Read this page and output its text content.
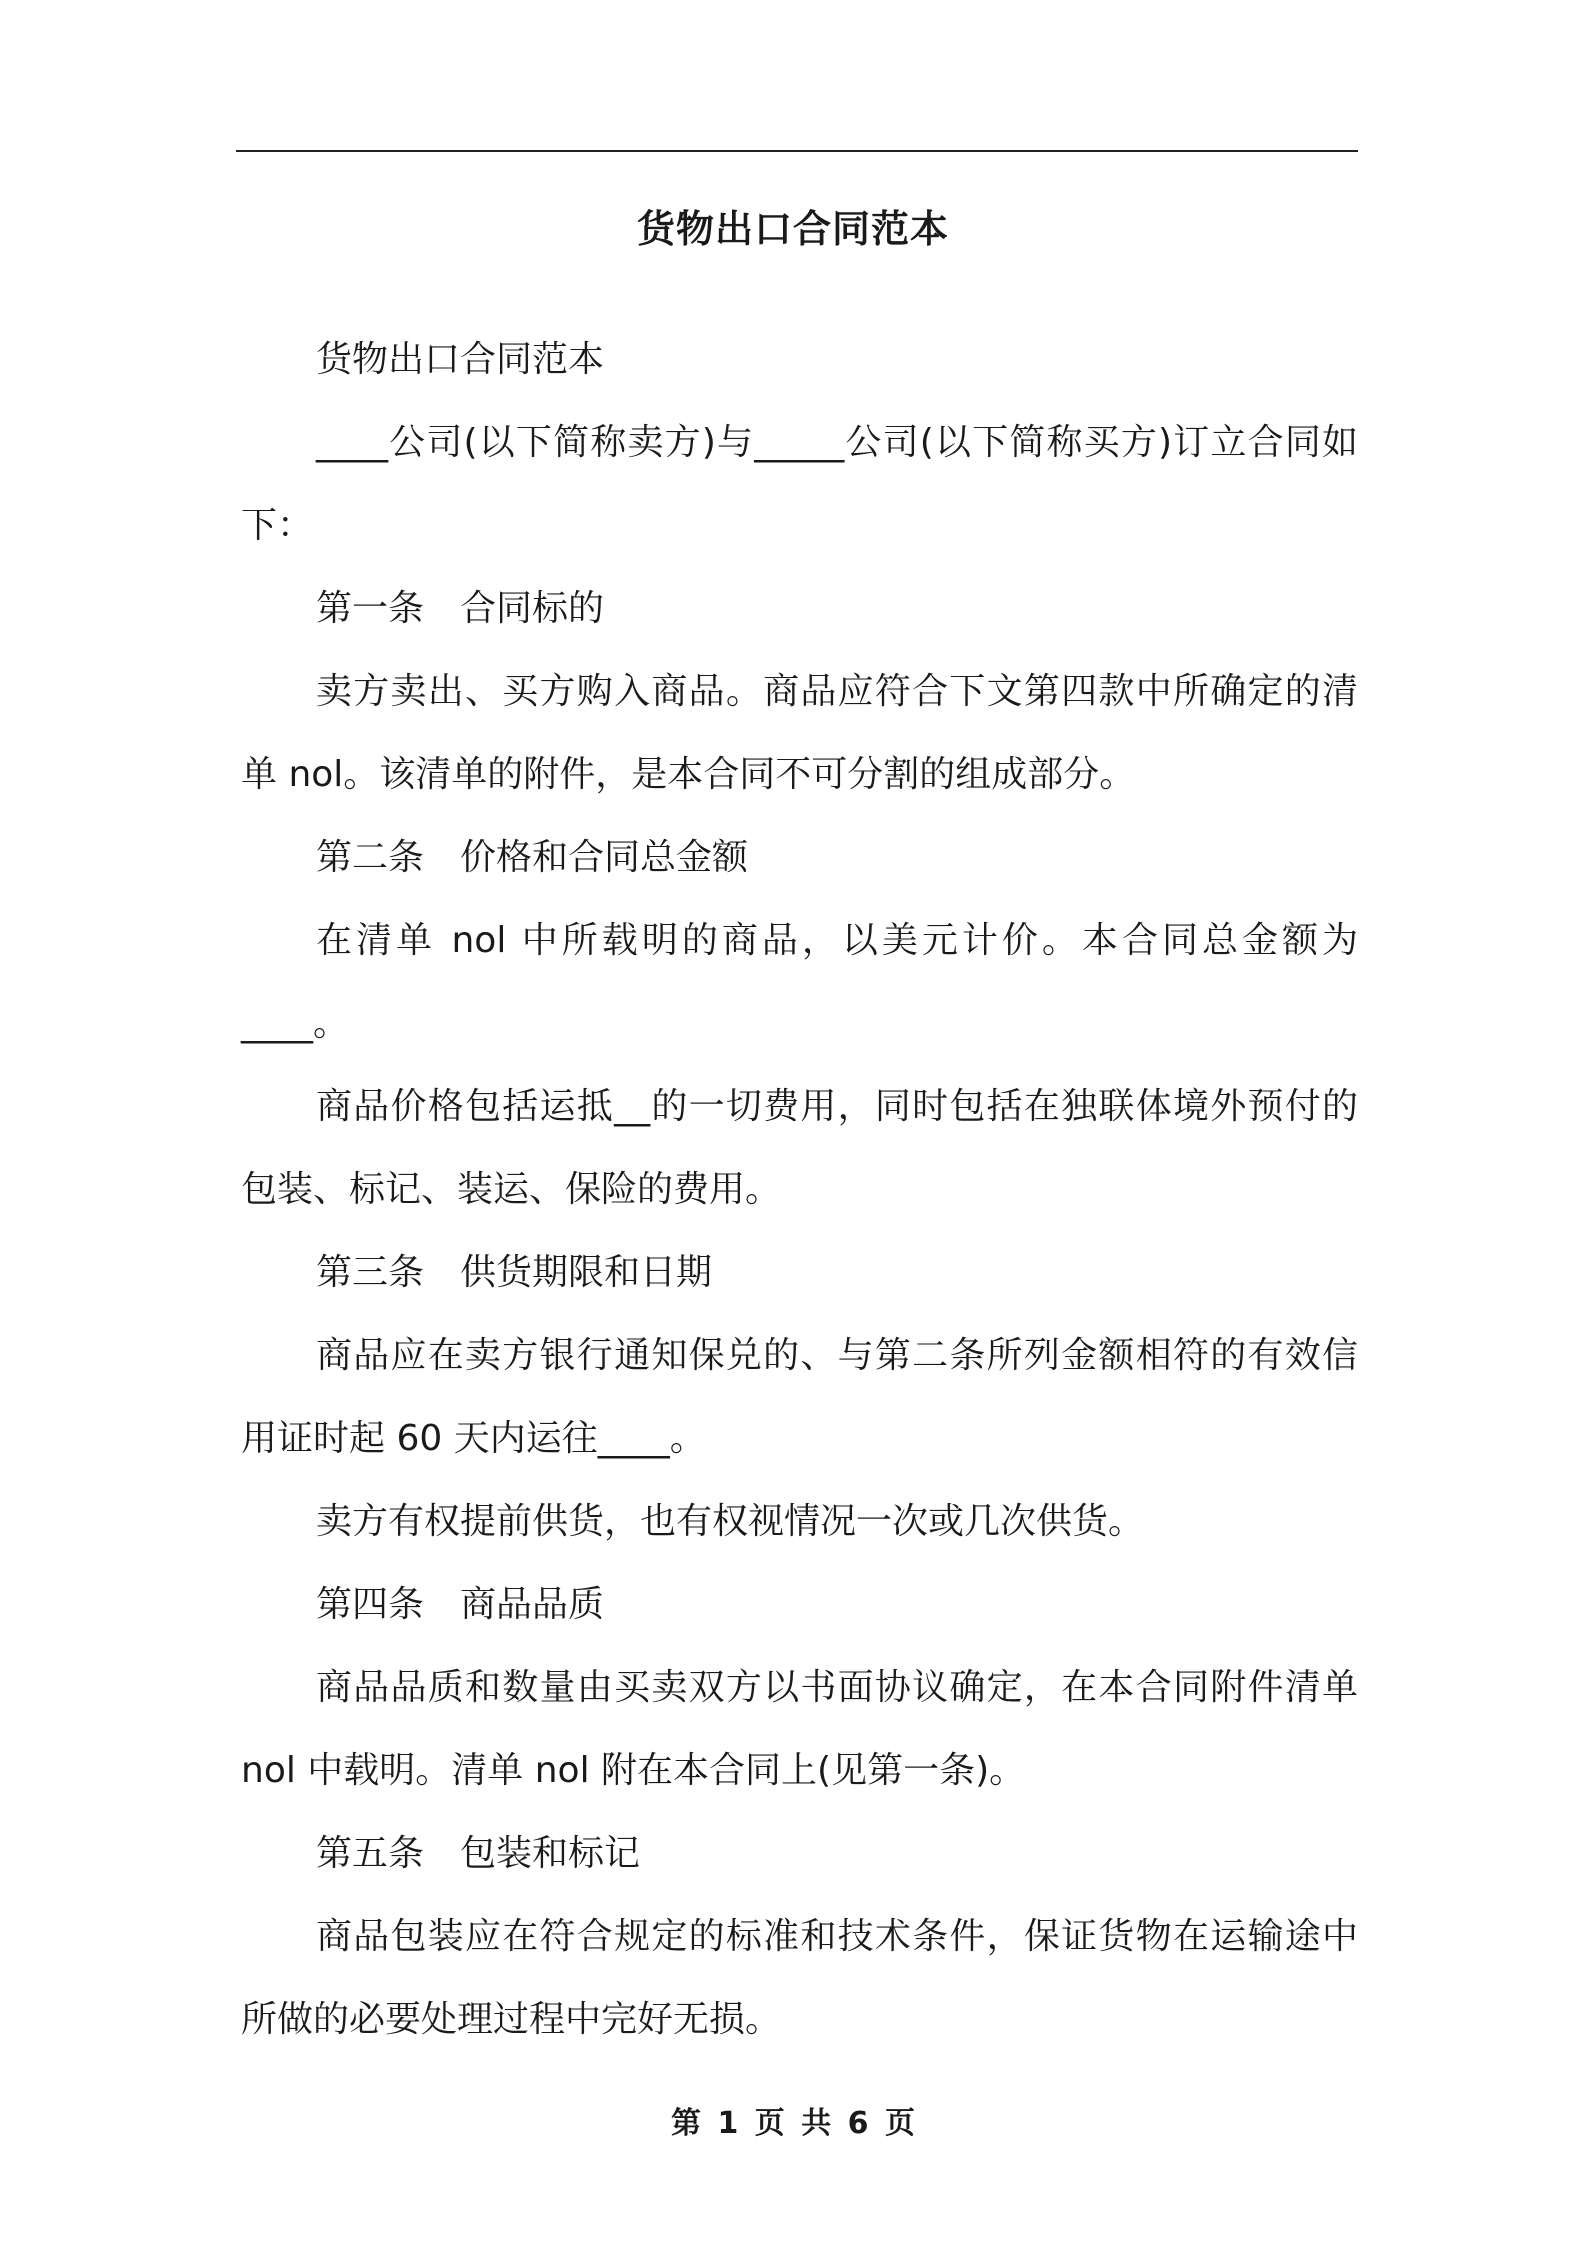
货物出口合同范本

货物出口合同范本

____公司(以下简称卖方)与_____公司(以下简称买方)订立合同如下：

第一条 合同标的

卖方卖出、买方购入商品。商品应符合下文第四款中所确定的清单 nol。该清单的附件，是本合同不可分割的组成部分。

第二条 价格和合同总金额

在清单 nol 中所载明的商品，以美元计价。本合同总金额为____。

商品价格包括运抵__的一切费用，同时包括在独联体境外预付的包装、标记、装运、保险的费用。

第三条 供货期限和日期

商品应在卖方银行通知保兑的、与第二条所列金额相符的有效信用证时起 60 天内运往____。

卖方有权提前供货，也有权视情况一次或几次供货。

第四条 商品品质

商品品质和数量由买卖双方以书面协议确定，在本合同附件清单 nol 中载明。清单 nol 附在本合同上(见第一条)。

第五条 包装和标记

商品包装应在符合规定的标准和技术条件，保证货物在运输途中所做的必要处理过程中完好无损。

第 1 页 共 6 页
